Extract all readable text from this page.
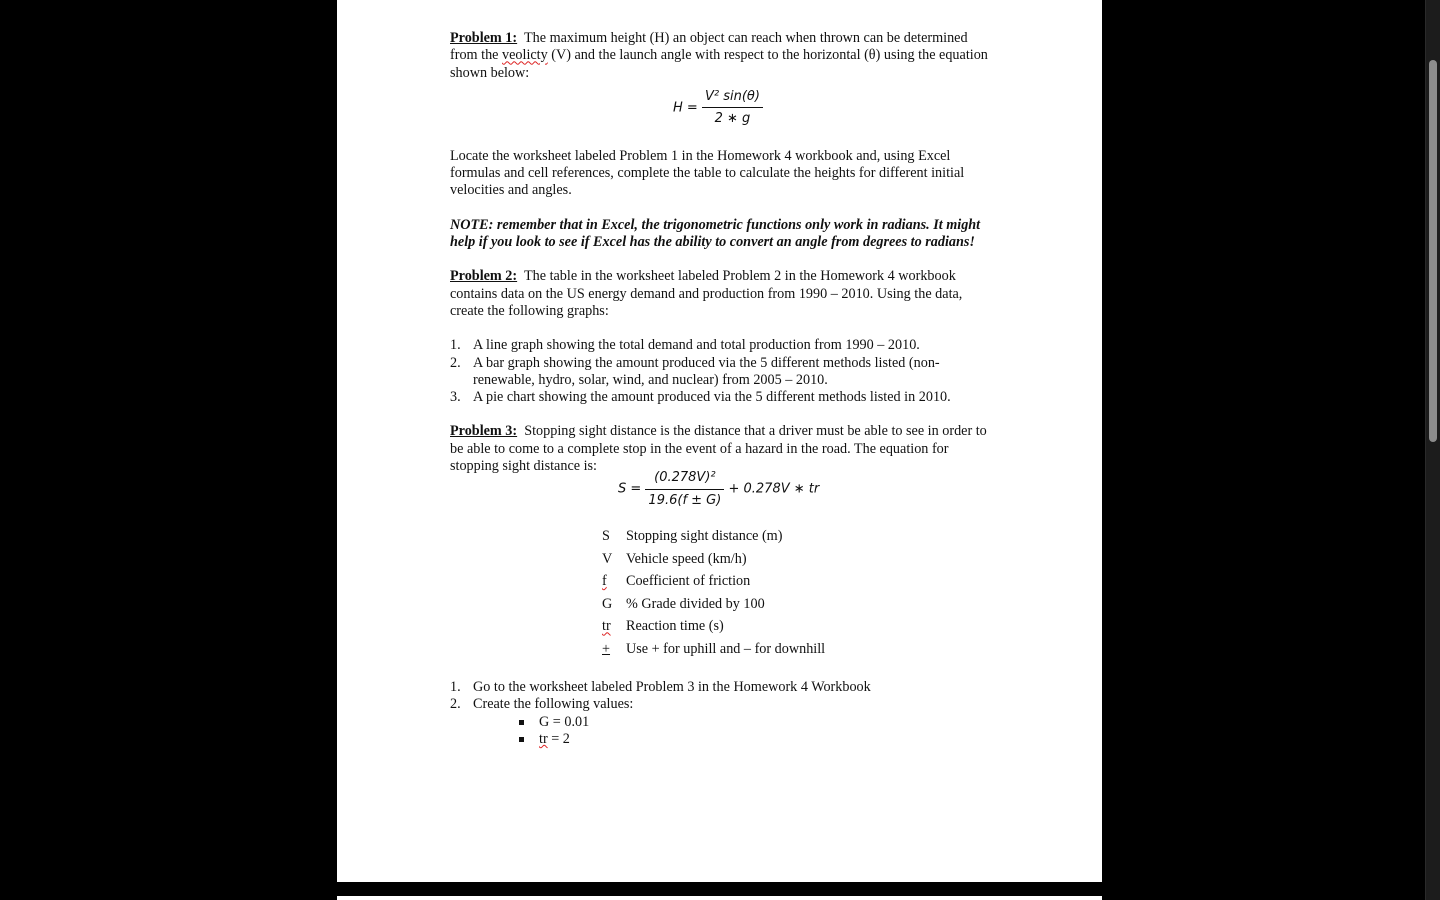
Problem 1: The maximum height (H) an object can reach when thrown can be determined from the veolicty (V) and the launch angle with respect to the horizontal (θ) using the equation shown below:

$H = \frac{\text{V² sin(θ)}}{2 ∗ g}$

Locate the worksheet labeled Problem 1 in the Homework 4 workbook and, using Excel formulas and cell references, complete the table to calculate the heights for different initial velocities and angles.

NOTE: remember that in Excel, the trigonometric functions only work in radians. It might help if you look to see if Excel has the ability to convert an angle from degrees to radians!

Problem 2: The table in the worksheet labeled Problem 2 in the Homework 4 workbook contains data on the US energy demand and production from 1990 – 2010. Using the data, create the following graphs:

1. A line graph showing the total demand and total production from 1990 – 2010.
2. A bar graph showing the amount produced via the 5 different methods listed (non-renewable, hydro, solar, wind, and nuclear) from 2005 – 2010.
3. A pie chart showing the amount produced via the 5 different methods listed in 2010.

Problem 3: Stopping sight distance is the distance that a driver must be able to see in order to be able to come to a complete stop in the event of a hazard in the road. The equation for stopping sight distance is:

$S = \frac{\text{(0.278V)²}}{19.6(f \pm G)} + 0.278V$ ∗ tr
S	Stopping sight distance (m)
V Vehicle speed (km/h)
f	Coefficient of friction
G % Grade divided by 100
tr	Reaction time (s)
+	Use + for uphill and – for downhill
1. Go to the worksheet labeled Problem 3 in the Homework 4 Workbook
2. Create the following values:
G = 0.01
tr = 2
